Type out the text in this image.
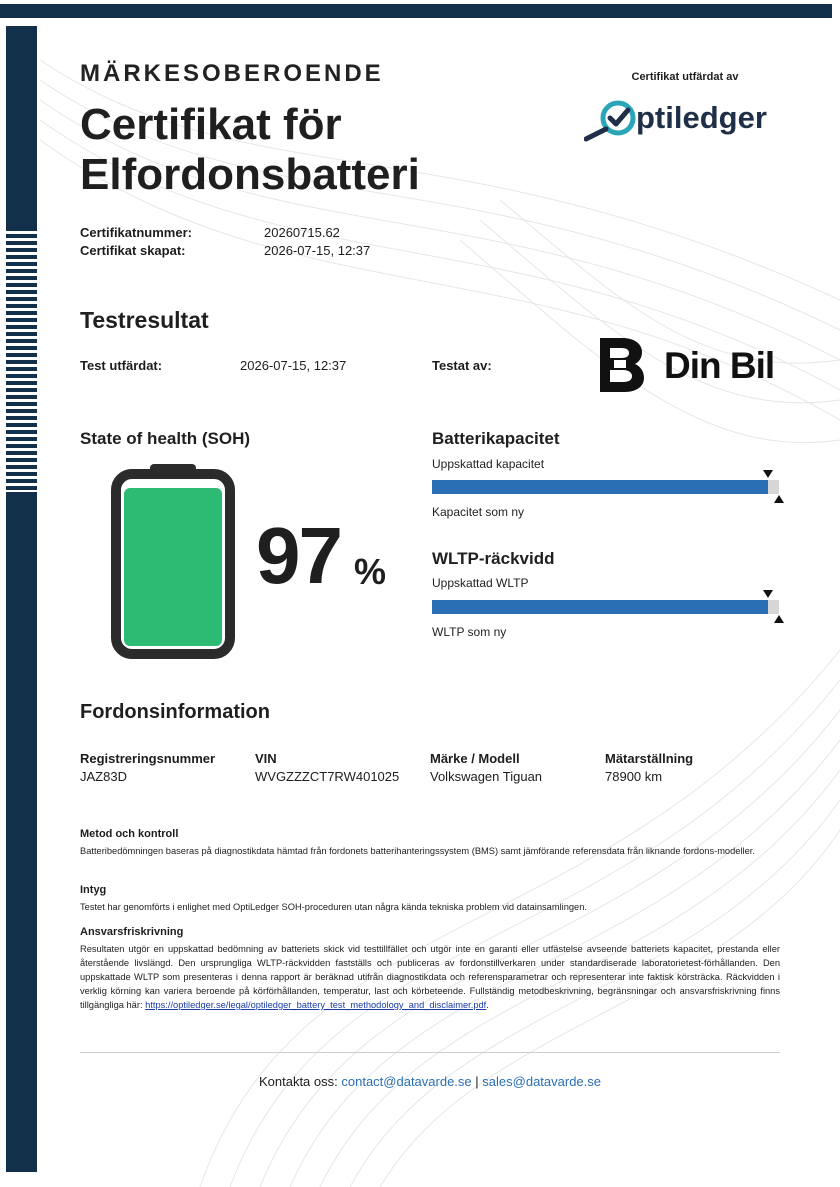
MÄRKESOBEROENDE
Certifikat för
Elfordonsbatteri
Certifikat utfärdat av
ptiledger
Certifikatnummer:	20260715.62
Certifikat skapat:	2026-07-15, 12:37
Testresultat
Test utfärdat:	2026-07-15, 12:37	Testat av:	Din Bil
State of health (SOH)
97 %
Batterikapacitet
Uppskattad kapacitet
Kapacitet som ny
WLTP-räckvidd
Uppskattad WLTP
WLTP som ny
Fordonsinformation
Registreringsnummer
JAZ83D
VIN
WVGZZZCT7RW401025
Märke / Modell
Volkswagen Tiguan
Mätarställning
78900 km
Metod och kontroll
Batteribedömningen baseras på diagnostikdata hämtad från fordonets batterihanteringssystem (BMS) samt jämförande referensdata från liknande fordons-modeller.
Intyg
Testet har genomförts i enlighet med OptiLedger SOH-proceduren utan några kända tekniska problem vid datainsamlingen.
Ansvarsfriskrivning
Resultaten utgör en uppskattad bedömning av batteriets skick vid testtillfället och utgör inte en garanti eller utfästelse avseende batteriets kapacitet, prestanda eller återstående livslängd. Den ursprungliga WLTP-räckvidden fastställs och publiceras av fordonstillverkaren under standardiserade laboratorietest-förhållanden. Den uppskattade WLTP som presenteras i denna rapport är beräknad utifrån diagnostikdata och referensparametrar och representerar inte faktisk körsträcka. Räckvidden i verklig körning kan variera beroende på körförhållanden, temperatur, last och körbeteende. Fullständig metodbeskrivning, begränsningar och ansvarsfriskrivning finns tillgängliga här: https://optiledger.se/legal/optiledger_battery_test_methodology_and_disclaimer.pdf.
Kontakta oss: contact@datavarde.se | sales@datavarde.se
